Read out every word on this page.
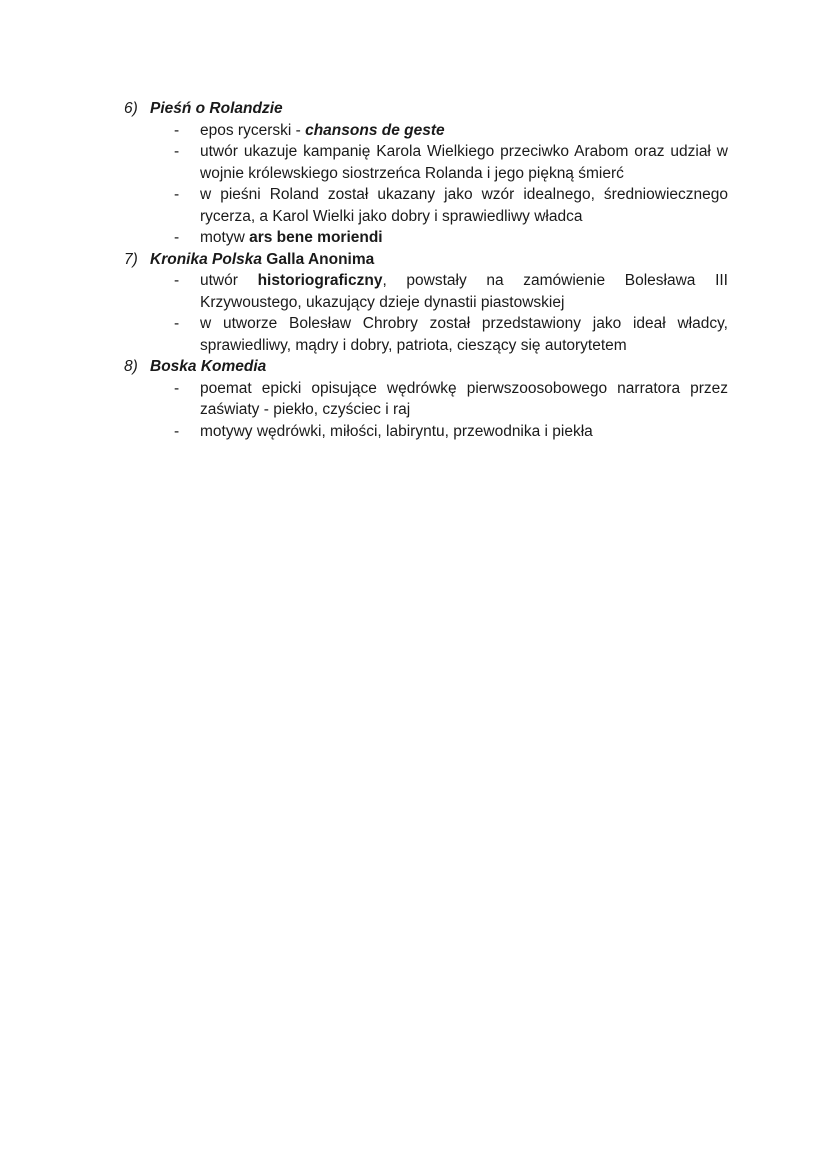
6) Pieśń o Rolandzie
-	epos rycerski - chansons de geste
-	utwór ukazuje kampanię Karola Wielkiego przeciwko Arabom oraz udział w wojnie królewskiego siostrzeńca Rolanda i jego piękną śmierć
-	w pieśni Roland został ukazany jako wzór idealnego, średniowiecznego rycerza, a Karol Wielki jako dobry i sprawiedliwy władca
-	motyw ars bene moriendi
7) Kronika Polska Galla Anonima
-	utwór historiograficzny, powstały na zamówienie Bolesława III Krzywoustego, ukazujący dzieje dynastii piastowskiej
-	w utworze Bolesław Chrobry został przedstawiony jako ideał władcy, sprawiedliwy, mądry i dobry, patriota, cieszący się autorytetem
8) Boska Komedia
-	poemat epicki opisujące wędrówkę pierwszoosobowego narratora przez zaświaty - piekło, czyściec i raj
-	motywy wędrówki, miłości, labiryntu, przewodnika i piekła
